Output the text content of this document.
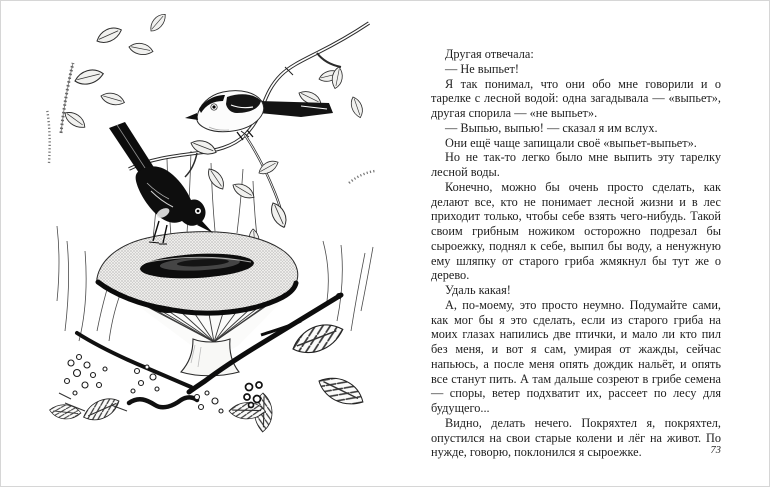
Другая отвечала:

— Не выпьет!

Я так понимал, что они обо мне говорили и о тарелке с лесной водой: одна загадывала — «выпьет», другая спорила — «не выпьет».

— Выпью, выпью! — сказал я им вслух.

Они ещё чаще запищали своё «выпьет-выпьет».

Но не так-то легко было мне выпить эту тарелку лесной воды.

Конечно, можно бы очень просто сделать, как делают все, кто не понимает лесной жизни и в лес приходит только, чтобы себе взять чего-нибудь. Такой своим грибным ножиком осторожно подрезал бы сыроежку, поднял к себе, выпил бы воду, а ненужную ему шляпку от старого гриба жмякнул бы тут же о дерево.

Удаль какая!

А, по-моему, это просто неумно. Подумайте сами, как мог бы я это сделать, если из старого гриба на моих глазах напились две птички, и мало ли кто пил без меня, и вот я сам, умирая от жажды, сейчас напьюсь, а после меня опять дождик нальёт, и опять все станут пить. А там дальше созреют в грибе семена — споры, ветер подхватит их, рассеет по лесу для будущего...

Видно, делать нечего. Покряхтел я, покряхтел, опустился на свои старые колени и лёг на живот. По нужде, говорю, поклонился я сыроежке.	73
